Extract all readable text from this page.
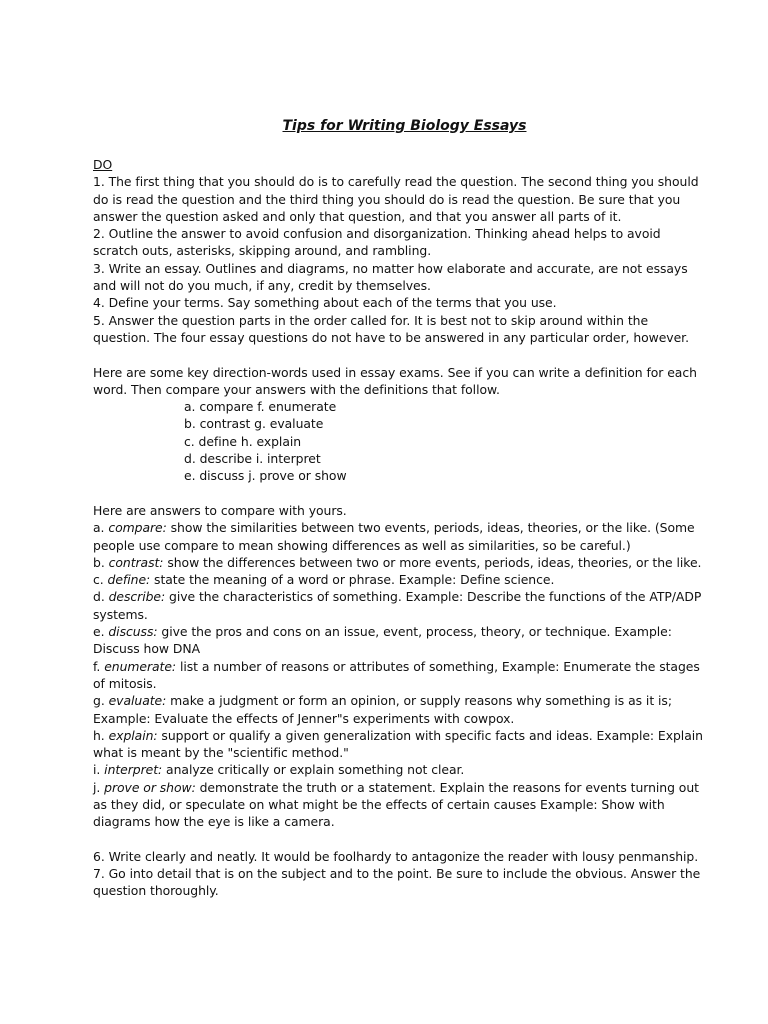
Tips for Writing Biology Essays
DO
1. The first thing that you should do is to carefully read the question. The second thing you should do is read the question and the third thing you should do is read the question. Be sure that you answer the question asked and only that question, and that you answer all parts of it.
2. Outline the answer to avoid confusion and disorganization. Thinking ahead helps to avoid scratch outs, asterisks, skipping around, and rambling.
3. Write an essay. Outlines and diagrams, no matter how elaborate and accurate, are not essays and will not do you much, if any, credit by themselves.
4. Define your terms. Say something about each of the terms that you use.
5. Answer the question parts in the order called for. It is best not to skip around within the question. The four essay questions do not have to be answered in any particular order, however.
Here are some key direction-words used in essay exams. See if you can write a definition for each word. Then compare your answers with the definitions that follow.
a. compare f. enumerate
b. contrast g. evaluate
c. define h. explain
d. describe i. interpret
e. discuss j. prove or show
Here are answers to compare with yours.
a. compare: show the similarities between two events, periods, ideas, theories, or the like. (Some people use compare to mean showing differences as well as similarities, so be careful.)
b. contrast: show the differences between two or more events, periods, ideas, theories, or the like.
c. define: state the meaning of a word or phrase. Example: Define science.
d. describe: give the characteristics of something. Example: Describe the functions of the ATP/ADP systems.
e. discuss: give the pros and cons on an issue, event, process, theory, or technique. Example: Discuss how DNA
f. enumerate: list a number of reasons or attributes of something, Example: Enumerate the stages of mitosis.
g. evaluate: make a judgment or form an opinion, or supply reasons why something is as it is; Example: Evaluate the effects of Jenner"s experiments with cowpox.
h. explain: support or qualify a given generalization with specific facts and ideas. Example: Explain what is meant by the "scientific method."
i. interpret: analyze critically or explain something not clear.
j. prove or show: demonstrate the truth or a statement. Explain the reasons for events turning out as they did, or speculate on what might be the effects of certain causes Example: Show with diagrams how the eye is like a camera.
6. Write clearly and neatly. It would be foolhardy to antagonize the reader with lousy penmanship.
7. Go into detail that is on the subject and to the point. Be sure to include the obvious. Answer the question thoroughly.
